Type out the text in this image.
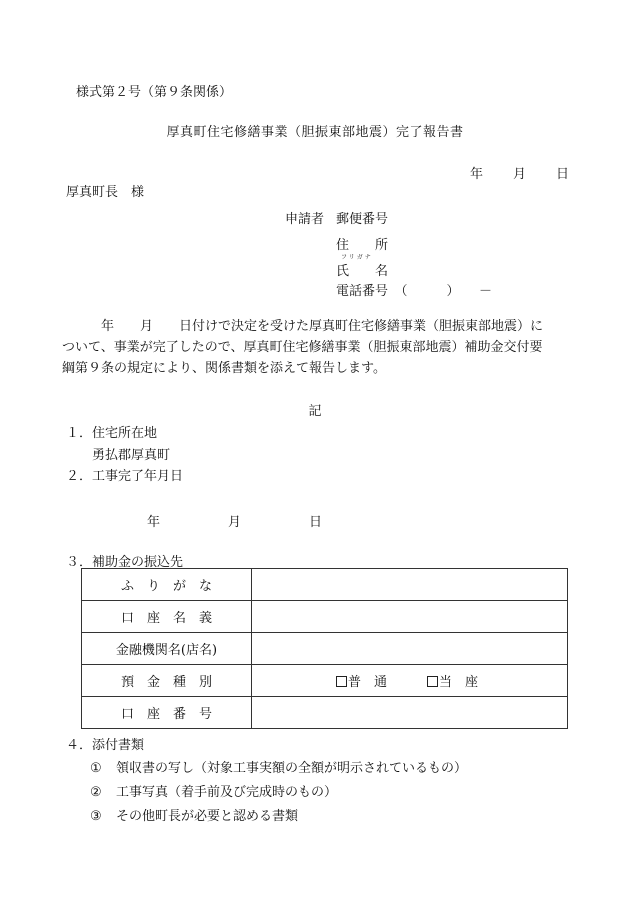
様式第２号（第９条関係）
厚真町住宅修繕事業（胆振東部地震）完了報告書
年 月 日
厚真町長　様
申請者 郵便番号
住　　所
フリガナ
氏　　名
電話番号　（　　　）　　－

　　　年　　月　　日付けで決定を受けた厚真町住宅修繕事業（胆振東部地震）に

ついて、事業が完了したので、厚真町住宅修繕事業（胆振東部地震）補助金交付要

綱第９条の規定により、関係書類を添えて報告します。

記
１．住宅所在地
勇払郡厚真町
２．工事完了年月日
年	月	日
３．補助金の振込先
ふ　り　が　な	
口　座　名　義	
金融機関名(店名)	
預　金　種　別	普　通 当　座
口　座　番　号	
４．添付書類
① 領収書の写し（対象工事実額の全額が明示されているもの）
② 工事写真（着手前及び完成時のもの）
③ その他町長が必要と認める書類
